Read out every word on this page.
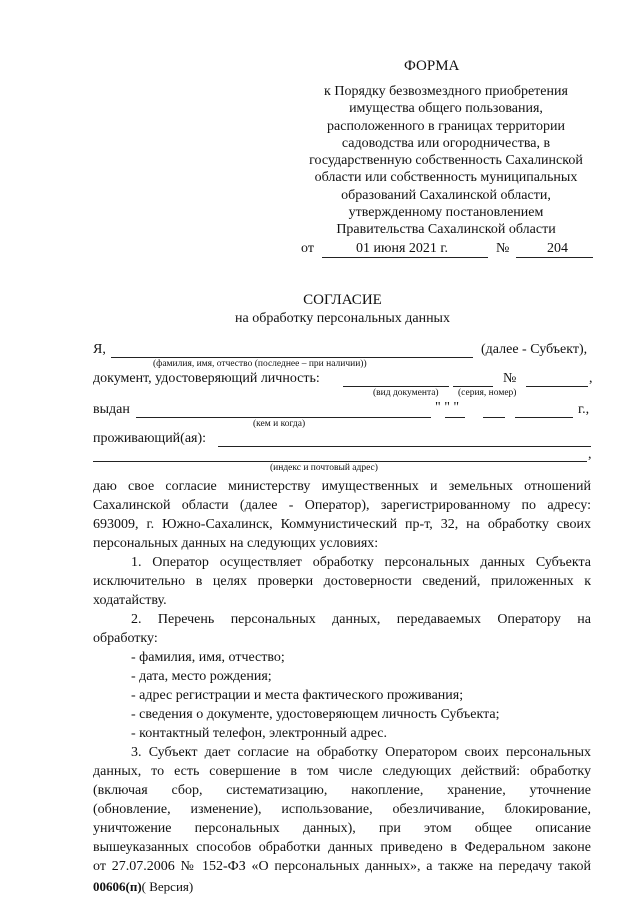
ФОРМА
к Порядку безвозмездного приобретения
имущества общего пользования,
расположенного в границах территории
садоводства или огородничества, в
государственную собственность Сахалинской
области или собственность муниципальных
образований Сахалинской области,
утвержденному постановлением
Правительства Сахалинской области
от	01 июня 2021 г.	№	204
СОГЛАСИЕ
на обработку персональных данных
Я,	(далее - Субъект),
(фамилия, имя, отчество (последнее – при наличии))
документ, удостоверяющий личность:	№	,
(вид документа) (серия, номер)
выдан	" " "	г.,
(кем и когда)
проживающий(ая):
,
(индекс и почтовый адрес)
даю свое согласие министерству имущественных и земельных отношений
Сахалинской области (далее - Оператор), зарегистрированному по адресу:
693009, г. Южно-Сахалинск, Коммунистический пр-т, 32, на обработку своих
персональных данных на следующих условиях:
1. Оператор осуществляет обработку персональных данных Субъекта
исключительно в целях проверки достоверности сведений, приложенных к
ходатайству.
2. Перечень персональных данных, передаваемых Оператору на
обработку:
- фамилия, имя, отчество;
- дата, место рождения;
- адрес регистрации и места фактического проживания;
- сведения о документе, удостоверяющем личность Субъекта;
- контактный телефон, электронный адрес.
3. Субъект дает согласие на обработку Оператором своих персональных
данных, то есть совершение в том числе следующих действий: обработку
(включая сбор, систематизацию, накопление, хранение, уточнение
(обновление, изменение), использование, обезличивание, блокирование,
уничтожение персональных данных), при этом общее описание
вышеуказанных способов обработки данных приведено в Федеральном законе
от 27.07.2006 № 152-ФЗ «О персональных данных», а также на передачу такой
00606(п)( Версия)
